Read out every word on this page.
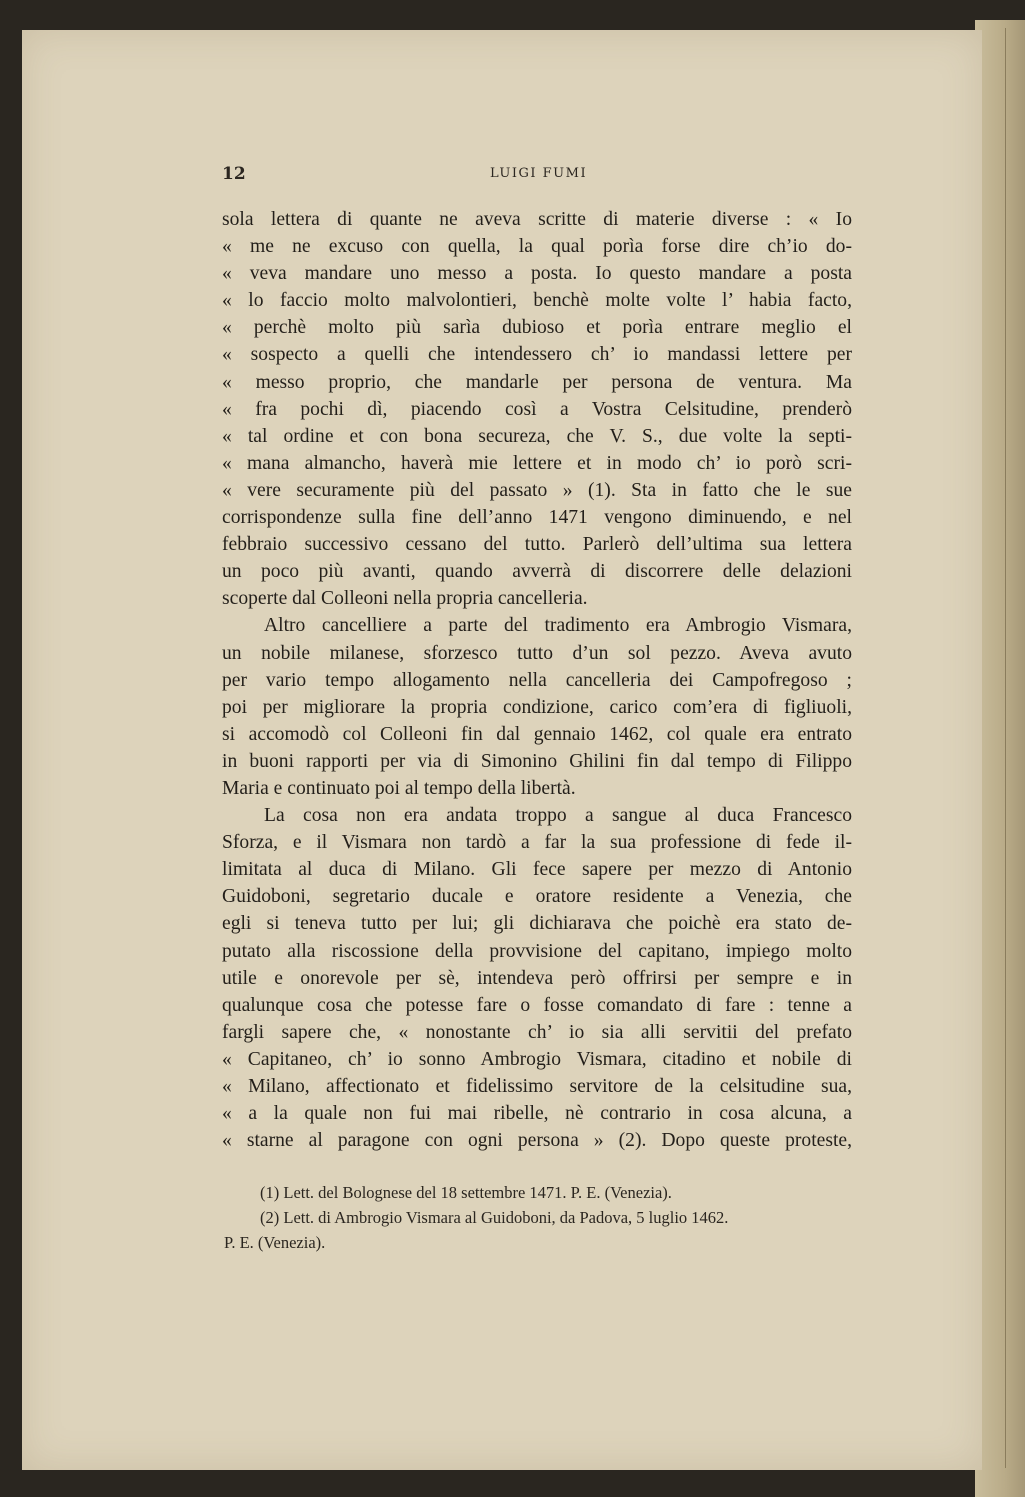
12	LUIGI FUMI
sola lettera di quante ne aveva scritte di materie diverse : « Io
« me ne excuso con quella, la qual porìa forse dire ch’io do-
« veva mandare uno messo a posta. Io questo mandare a posta
« lo faccio molto malvolontieri, benchè molte volte l’ habia facto,
« perchè molto più sarìa dubioso et porìa entrare meglio el
« sospecto a quelli che intendessero ch’ io mandassi lettere per
« messo proprio, che mandarle per persona de ventura. Ma
« fra pochi dì, piacendo così a Vostra Celsitudine, prenderò
« tal ordine et con bona secureza, che V. S., due volte la septi-
« mana almancho, haverà mie lettere et in modo ch’ io porò scri-
« vere securamente più del passato » (1). Sta in fatto che le sue
corrispondenze sulla fine dell’anno 1471 vengono diminuendo, e nel
febbraio successivo cessano del tutto. Parlerò dell’ultima sua lettera
un poco più avanti, quando avverrà di discorrere delle delazioni
scoperte dal Colleoni nella propria cancelleria.
Altro cancelliere a parte del tradimento era Ambrogio Vismara,
un nobile milanese, sforzesco tutto d’un sol pezzo. Aveva avuto
per vario tempo allogamento nella cancelleria dei Campofregoso ;
poi per migliorare la propria condizione, carico com’era di figliuoli,
si accomodò col Colleoni fin dal gennaio 1462, col quale era entrato
in buoni rapporti per via di Simonino Ghilini fin dal tempo di Filippo
Maria e continuato poi al tempo della libertà.
La cosa non era andata troppo a sangue al duca Francesco
Sforza, e il Vismara non tardò a far la sua professione di fede il-
limitata al duca di Milano. Gli fece sapere per mezzo di Antonio
Guidoboni, segretario ducale e oratore residente a Venezia, che
egli si teneva tutto per lui; gli dichiarava che poichè era stato de-
putato alla riscossione della provvisione del capitano, impiego molto
utile e onorevole per sè, intendeva però offrirsi per sempre e in
qualunque cosa che potesse fare o fosse comandato di fare : tenne a
fargli sapere che, « nonostante ch’ io sia alli servitii del prefato
« Capitaneo, ch’ io sonno Ambrogio Vismara, citadino et nobile di
« Milano, affectionato et fidelissimo servitore de la celsitudine sua,
« a la quale non fui mai ribelle, nè contrario in cosa alcuna, a
« starne al paragone con ogni persona » (2). Dopo queste proteste,
(1) Lett. del Bolognese del 18 settembre 1471. P. E. (Venezia).
(2) Lett. di Ambrogio Vismara al Guidoboni, da Padova, 5 luglio 1462.
P. E. (Venezia).
